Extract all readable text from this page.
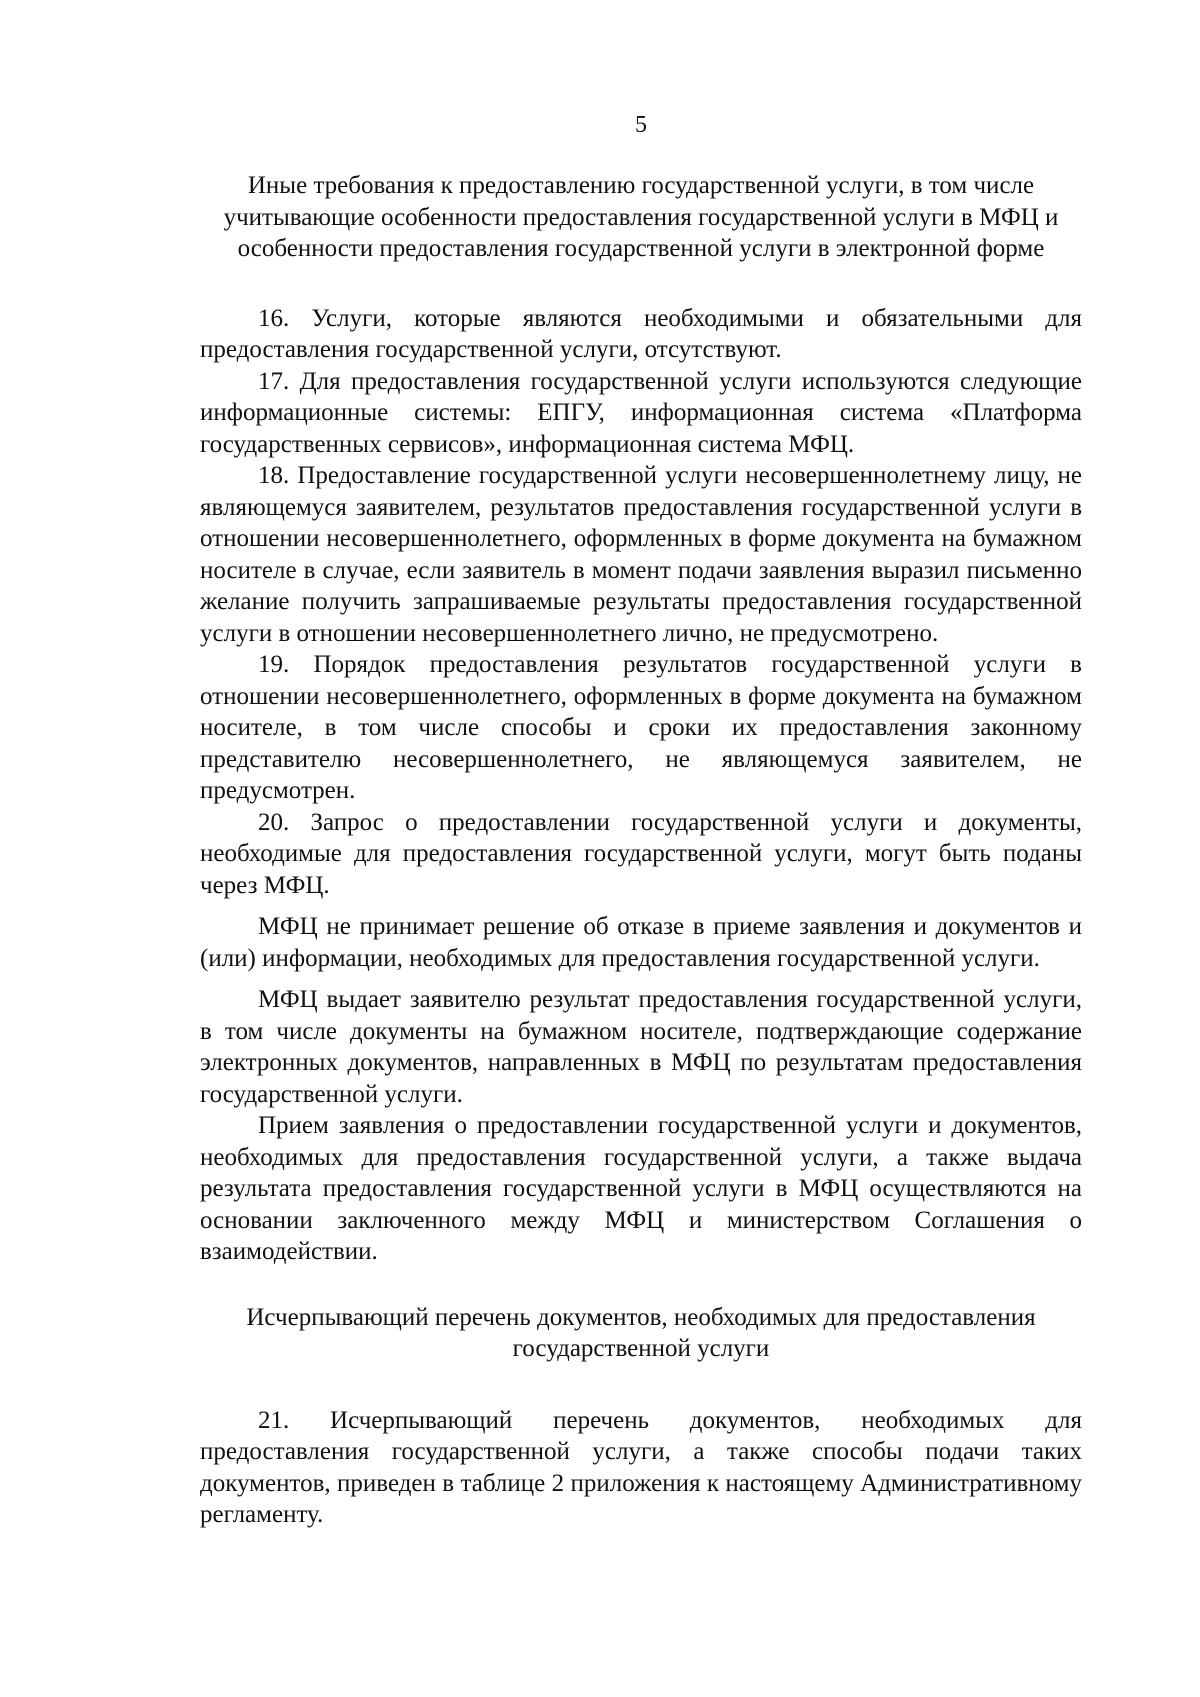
5
Иные требования к предоставлению государственной услуги, в том числе учитывающие особенности предоставления государственной услуги в МФЦ и особенности предоставления государственной услуги в электронной форме

16. Услуги, которые являются необходимыми и обязательными для предоставления государственной услуги, отсутствуют.

17. Для предоставления государственной услуги используются следующие информационные системы: ЕПГУ, информационная система «Платформа государственных сервисов», информационная система МФЦ.

18. Предоставление государственной услуги несовершеннолетнему лицу, не являющемуся заявителем, результатов предоставления государственной услуги в отношении несовершеннолетнего, оформленных в форме документа на бумажном носителе в случае, если заявитель в момент подачи заявления выразил письменно желание получить запрашиваемые результаты предоставления государственной услуги в отношении несовершеннолетнего лично, не предусмотрено.

19. Порядок предоставления результатов государственной услуги в отношении несовершеннолетнего, оформленных в форме документа на бумажном носителе, в том числе способы и сроки их предоставления законному представителю несовершеннолетнего, не являющемуся заявителем, не предусмотрен.

20. Запрос о предоставлении государственной услуги и документы, необходимые для предоставления государственной услуги, могут быть поданы через МФЦ.

МФЦ не принимает решение об отказе в приеме заявления и документов и (или) информации, необходимых для предоставления государственной услуги.

МФЦ выдает заявителю результат предоставления государственной услуги, в том числе документы на бумажном носителе, подтверждающие содержание электронных документов, направленных в МФЦ по результатам предоставления государственной услуги.

Прием заявления о предоставлении государственной услуги и документов, необходимых для предоставления государственной услуги, а также выдача результата предоставления государственной услуги в МФЦ осуществляются на основании заключенного между МФЦ и министерством Соглашения о взаимодействии.

Исчерпывающий перечень документов, необходимых для предоставления государственной услуги

21. Исчерпывающий перечень документов, необходимых для предоставления государственной услуги, а также способы подачи таких документов, приведен в таблице 2 приложения к настоящему Административному регламенту.
